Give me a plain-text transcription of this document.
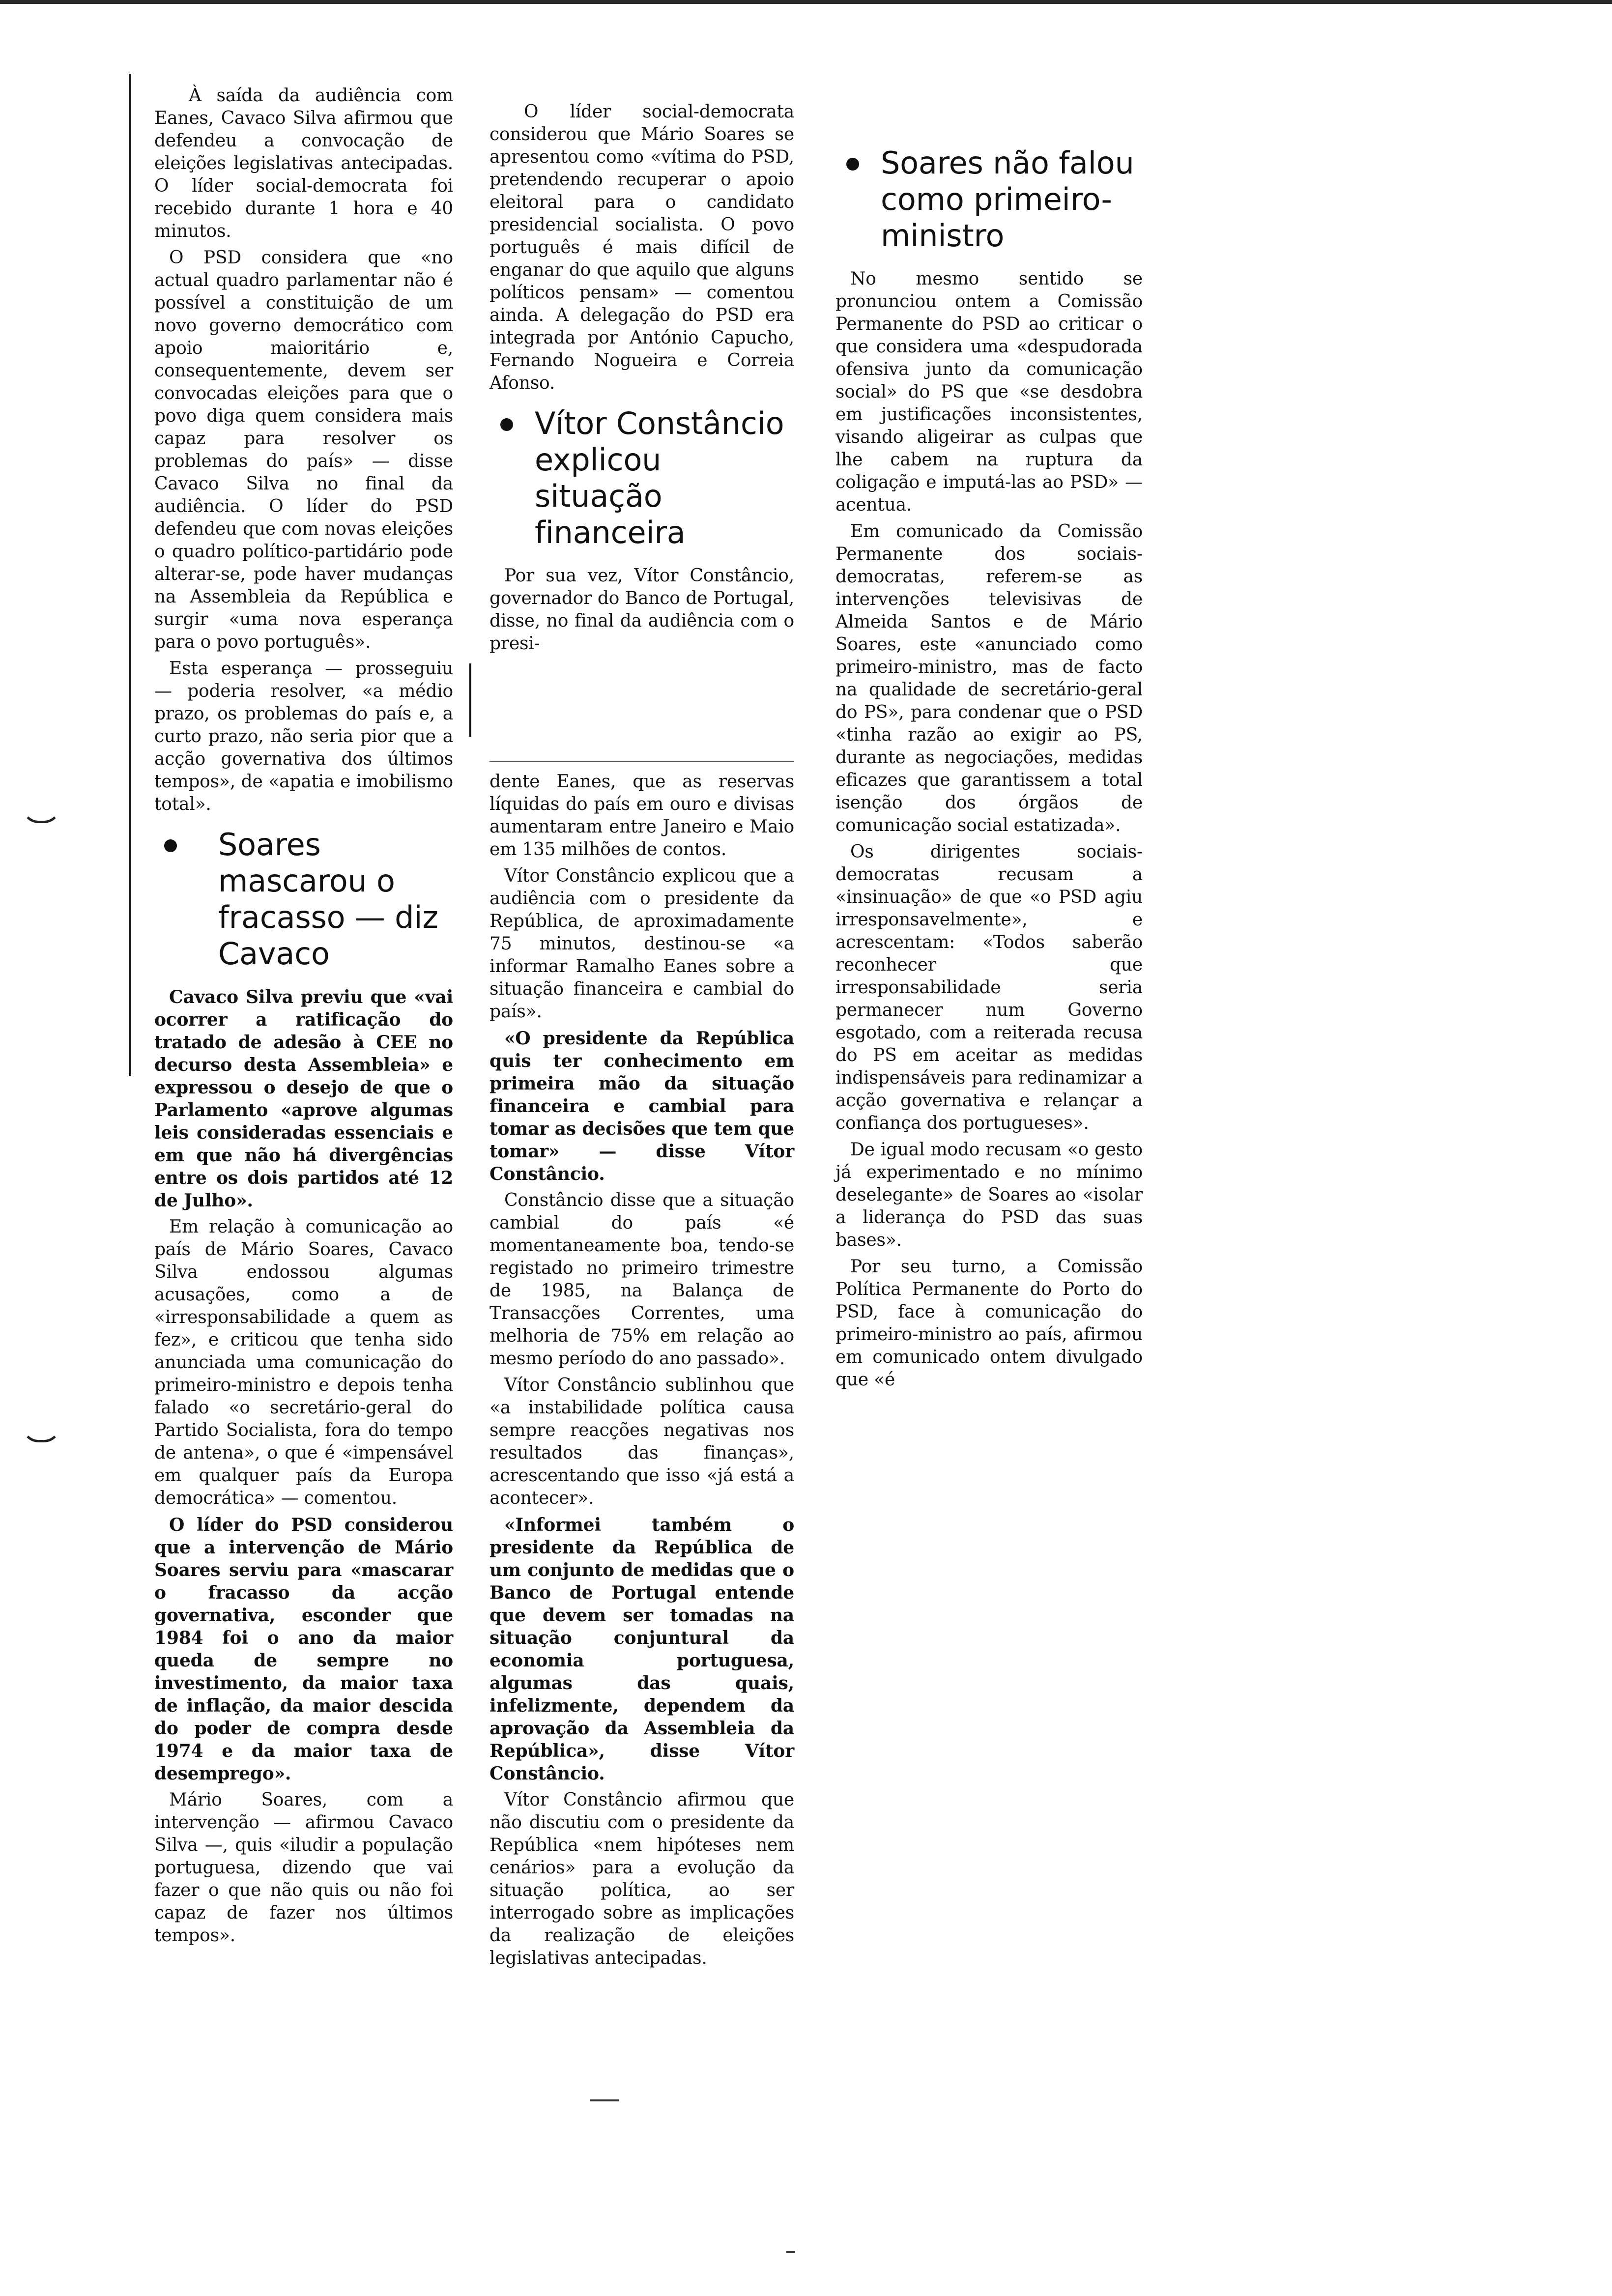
À saída da audiência com Eanes, Cavaco Silva afirmou que defendeu a convocação de eleições legislativas antecipadas. O líder social-democrata foi recebido durante 1 hora e 40 minutos.

O PSD considera que «no actual quadro parlamentar não é possível a constituição de um novo governo democrático com apoio maioritário e, consequentemente, devem ser convocadas eleições para que o povo diga quem considera mais capaz para resolver os problemas do país» — disse Cavaco Silva no final da audiência. O líder do PSD defendeu que com novas eleições o quadro político-partidário pode alterar-se, pode haver mudanças na Assembleia da República e surgir «uma nova esperança para o povo português».

Esta esperança — prosseguiu — poderia resolver, «a médio prazo, os problemas do país e, a curto prazo, não seria pior que a acção governativa dos últimos tempos», de «apatia e imobilismo total».

Soares mascarou o fracasso — diz Cavaco

Cavaco Silva previu que «vai ocorrer a ratificação do tratado de adesão à CEE no decurso desta Assembleia» e expressou o desejo de que o Parlamento «aprove algumas leis consideradas essenciais e em que não há divergências entre os dois partidos até 12 de Julho».

Em relação à comunicação ao país de Mário Soares, Cavaco Silva endossou algumas acusações, como a de «irresponsabilidade a quem as fez», e criticou que tenha sido anunciada uma comunicação do primeiro-ministro e depois tenha falado «o secretário-geral do Partido Socialista, fora do tempo de antena», o que é «impensável em qualquer país da Europa democrática» — comentou.

O líder do PSD considerou que a intervenção de Mário Soares serviu para «mascarar o fracasso da acção governativa, esconder que 1984 foi o ano da maior queda de sempre no investimento, da maior taxa de inflação, da maior descida do poder de compra desde 1974 e da maior taxa de desemprego».

Mário Soares, com a intervenção — afirmou Cavaco Silva —, quis «iludir a população portuguesa, dizendo que vai fazer o que não quis ou não foi capaz de fazer nos últimos tempos».

O líder social-democrata considerou que Mário Soares se apresentou como «vítima do PSD, pretendendo recuperar o apoio eleitoral para o candidato presidencial socialista. O povo português é mais difícil de enganar do que aquilo que alguns políticos pensam» — comentou ainda. A delegação do PSD era integrada por António Capucho, Fernando Nogueira e Correia Afonso.

Vítor Constâncio explicou situação financeira

Por sua vez, Vítor Constâncio, governador do Banco de Portugal, disse, no final da audiência com o presi-

dente Eanes, que as reservas líquidas do país em ouro e divisas aumentaram entre Janeiro e Maio em 135 milhões de contos.

Vítor Constâncio explicou que a audiência com o presidente da República, de aproximadamente 75 minutos, destinou-se «a informar Ramalho Eanes sobre a situação financeira e cambial do país».

«O presidente da República quis ter conhecimento em primeira mão da situação financeira e cambial para tomar as decisões que tem que tomar» — disse Vítor Constâncio.

Constâncio disse que a situação cambial do país «é momentaneamente boa, tendo-se registado no primeiro trimestre de 1985, na Balança de Transacções Correntes, uma melhoria de 75% em relação ao mesmo período do ano passado».

Vítor Constâncio sublinhou que «a instabilidade política causa sempre reacções negativas nos resultados das finanças», acrescentando que isso «já está a acontecer».

«Informei também o presidente da República de um conjunto de medidas que o Banco de Portugal entende que devem ser tomadas na situação conjuntural da economia portuguesa, algumas das quais, infelizmente, dependem da aprovação da Assembleia da República», disse Vítor Constâncio.

Vítor Constâncio afirmou que não discutiu com o presidente da República «nem hipóteses nem cenários» para a evolução da situação política, ao ser interrogado sobre as implicações da realização de eleições legislativas antecipadas.

Soares não falou como primeiro-ministro

No mesmo sentido se pronunciou ontem a Comissão Permanente do PSD ao criticar o que considera uma «despudorada ofensiva junto da comunicação social» do PS que «se desdobra em justificações inconsistentes, visando aligeirar as culpas que lhe cabem na ruptura da coligação e imputá-las ao PSD» — acentua.

Em comunicado da Comissão Permanente dos sociais-democratas, referem-se as intervenções televisivas de Almeida Santos e de Mário Soares, este «anunciado como primeiro-ministro, mas de facto na qualidade de secretário-geral do PS», para condenar que o PSD «tinha razão ao exigir ao PS, durante as negociações, medidas eficazes que garantissem a total isenção dos órgãos de comunicação social estatizada».

Os dirigentes sociais-democratas recusam a «insinuação» de que «o PSD agiu irresponsavelmente», e acrescentam: «Todos saberão reconhecer que irresponsabilidade seria permanecer num Governo esgotado, com a reiterada recusa do PS em aceitar as medidas indispensáveis para redinamizar a acção governativa e relançar a confiança dos portugueses».

De igual modo recusam «o gesto já experimentado e no mínimo deselegante» de Soares ao «isolar a liderança do PSD das suas bases».

Por seu turno, a Comissão Política Permanente do Porto do PSD, face à comunicação do primeiro-ministro ao país, afirmou em comunicado ontem divulgado que «é
